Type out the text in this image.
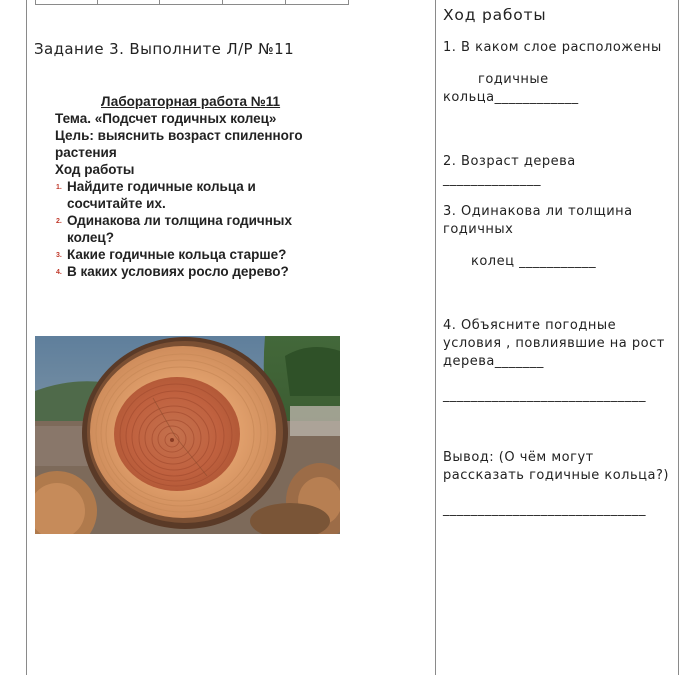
Задание 3. Выполните Л/Р №11
Лабораторная работа №11
Тема. «Подсчет годичных колец»
Цель: выяснить возраст спиленного
растения
Ход работы
1. Найдите годичные кольца и
сосчитайте их.
2. Одинакова ли толщина годичных
колец?
3. Какие годичные кольца старше?
4. В каких условиях росло дерево?
Ход работы
1. В каком слое расположены
годичные
кольца____________
2. Возраст дерева
______________
3. Одинакова ли толщина
годичных
колец ___________
4. Объясните погодные
условия , повлиявшие на рост
дерева_______
_____________________________
Вывод: (О чём могут
рассказать годичные кольца?)
_____________________________
